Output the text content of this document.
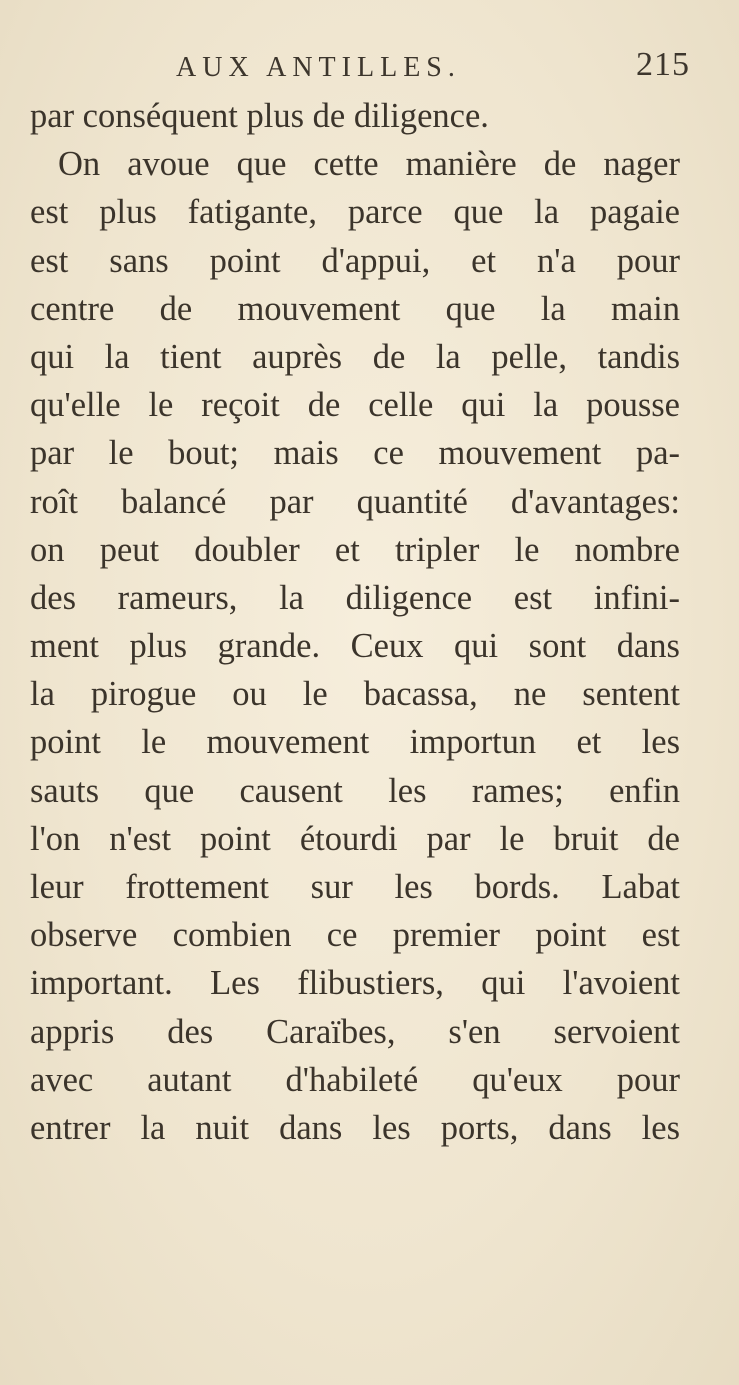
AUX ANTILLES.	215
par conséquent plus de diligence.
On avoue que cette manière de nager
est plus fatigante, parce que la pagaie
est sans point d'appui, et n'a pour
centre de mouvement que la main
qui la tient auprès de la pelle, tandis
qu'elle le reçoit de celle qui la pousse
par le bout; mais ce mouvement pa-
roît balancé par quantité d'avantages:
on peut doubler et tripler le nombre
des rameurs, la diligence est infini-
ment plus grande. Ceux qui sont dans
la pirogue ou le bacassa, ne sentent
point le mouvement importun et les
sauts que causent les rames; enfin
l'on n'est point étourdi par le bruit de
leur frottement sur les bords. Labat
observe combien ce premier point est
important. Les flibustiers, qui l'avoient
appris des Caraïbes, s'en servoient
avec autant d'habileté qu'eux pour
entrer la nuit dans les ports, dans les
